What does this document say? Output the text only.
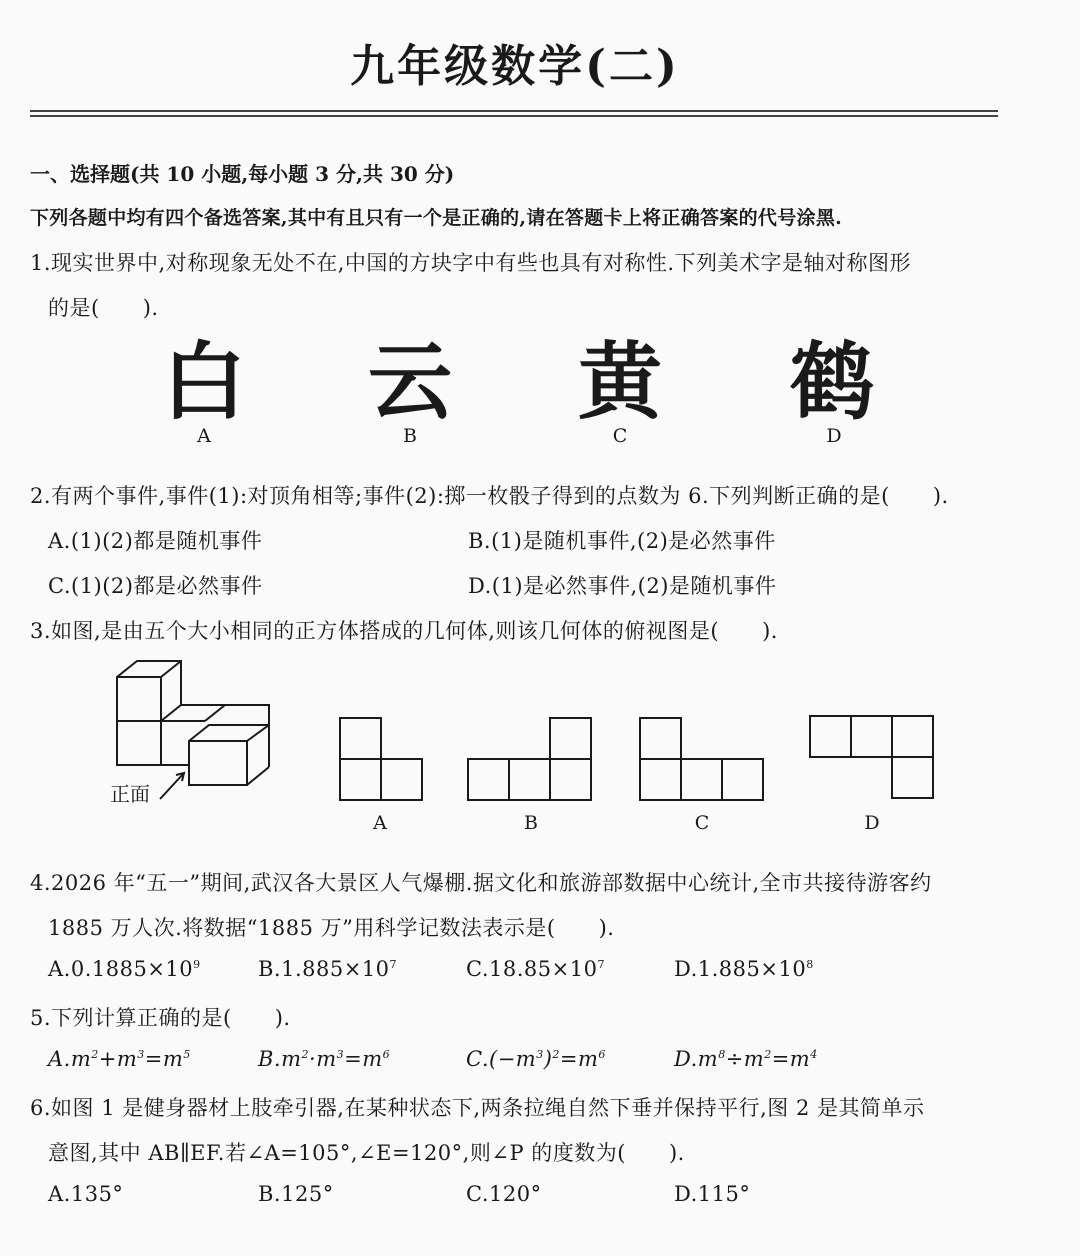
九年级数学(二)
一、选择题(共 10 小题,每小题 3 分,共 30 分)
下列各题中均有四个备选答案,其中有且只有一个是正确的,请在答题卡上将正确答案的代号涂黑.
1.现实世界中,对称现象无处不在,中国的方块字中有些也具有对称性.下列美术字是轴对称图形
的是(　　).
白 云 黄 鹤
A	B	C	D
2.有两个事件,事件(1):对顶角相等;事件(2):掷一枚骰子得到的点数为 6.下列判断正确的是(　　).
A.(1)(2)都是随机事件	B.(1)是随机事件,(2)是必然事件
C.(1)(2)都是必然事件	D.(1)是必然事件,(2)是随机事件
3.如图,是由五个大小相同的正方体搭成的几何体,则该几何体的俯视图是(　　).
正面
A	B	C	D
4.2026 年“五一”期间,武汉各大景区人气爆棚.据文化和旅游部数据中心统计,全市共接待游客约
1885 万人次.将数据“1885 万”用科学记数法表示是(　　).
$A.0.1885\times 10^9$	$B.1.885\times 10^7$	$C.18.85\times 10^7$	$D.1.885\times 10^8$
5.下列计算正确的是(　　).
$A.m^2+m^3=m^5$	$B.m^2\cdot m^3=m^6$	$C.(-m^3)^2=m^6$	$D.m^8\div m^2=m^4$
6.如图 1 是健身器材上肢牵引器,在某种状态下,两条拉绳自然下垂并保持平行,图 2 是其简单示
意图,其中 AB∥EF.若∠A=105°,∠E=120°,则∠P 的度数为(　　).
A.135°	B.125°	C.120°	D.115°
